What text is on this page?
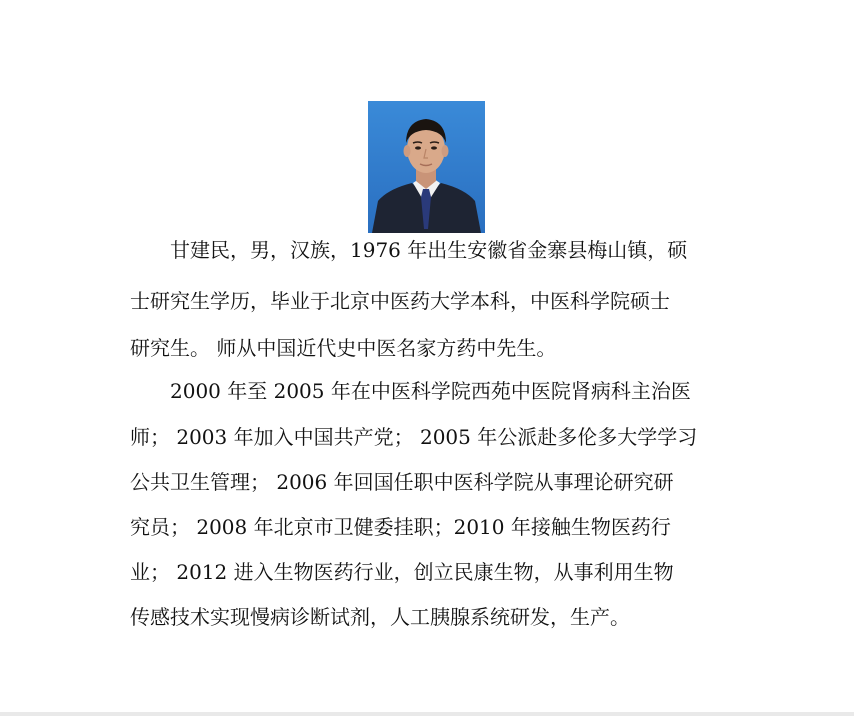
　　甘建民，男，汉族，1976 年出生安徽省金寨县梅山镇，硕
士研究生学历，毕业于北京中医药大学本科，中医科学院硕士
研究生。 师从中国近代史中医名家方药中先生。
　　2000 年至 2005 年在中医科学院西苑中医院肾病科主治医
师； 2003 年加入中国共产党； 2005 年公派赴多伦多大学学习
公共卫生管理； 2006 年回国任职中医科学院从事理论研究研
究员； 2008 年北京市卫健委挂职；2010 年接触生物医药行
业； 2012 进入生物医药行业，创立民康生物，从事利用生物
传感技术实现慢病诊断试剂，人工胰腺系统研发，生产。
